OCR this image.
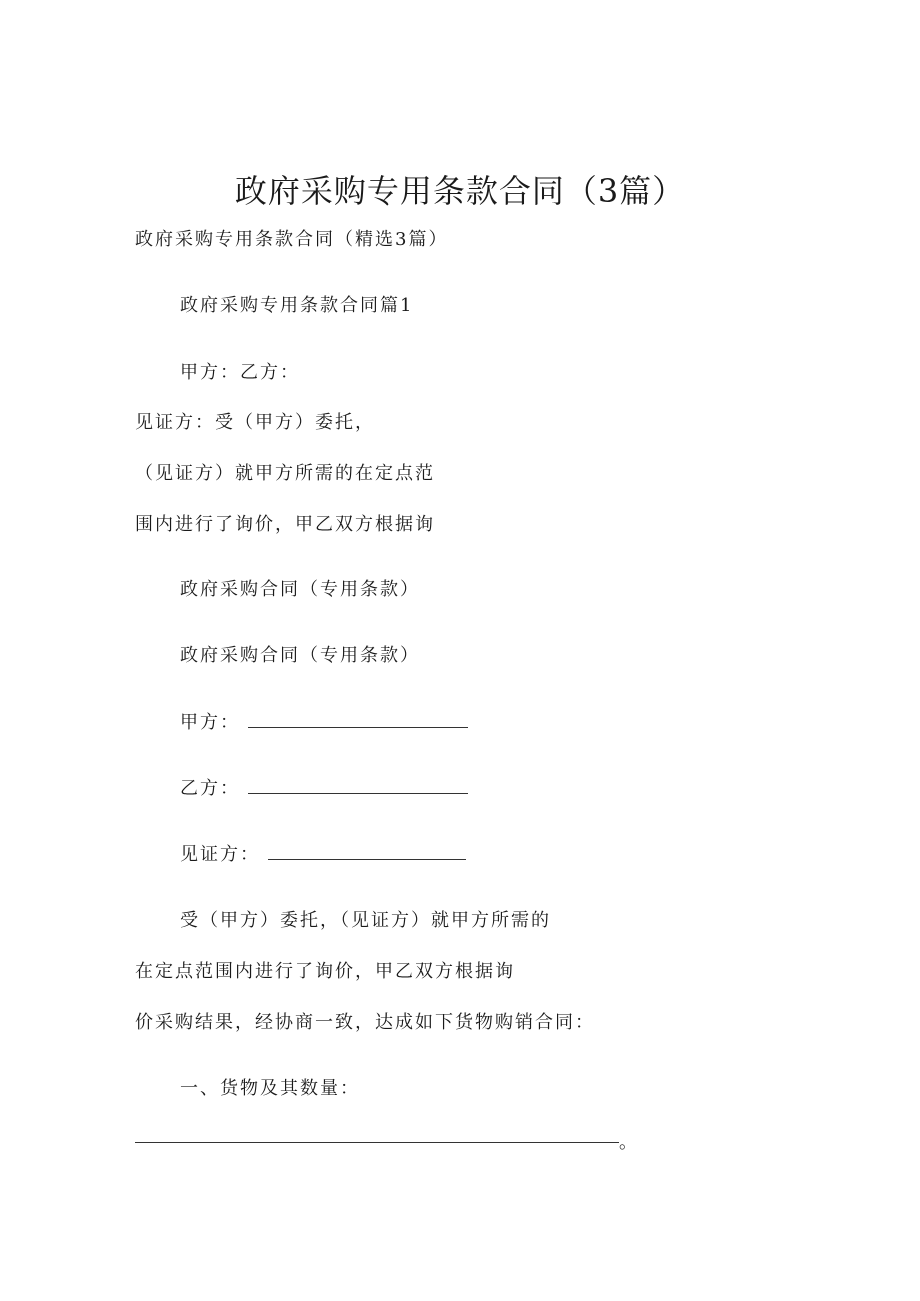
政府采购专用条款合同（3篇）
政府采购专用条款合同（精选3篇）
政府采购专用条款合同篇1
甲方：乙方：
见证方：受（甲方）委托，
（见证方）就甲方所需的在定点范
围内进行了询价，甲乙双方根据询
政府采购合同（专用条款）
政府采购合同（专用条款）
甲方：
乙方：
见证方：
受（甲方）委托，（见证方）就甲方所需的
在定点范围内进行了询价，甲乙双方根据询
价采购结果，经协商一致，达成如下货物购销合同：
一、货物及其数量：
。
